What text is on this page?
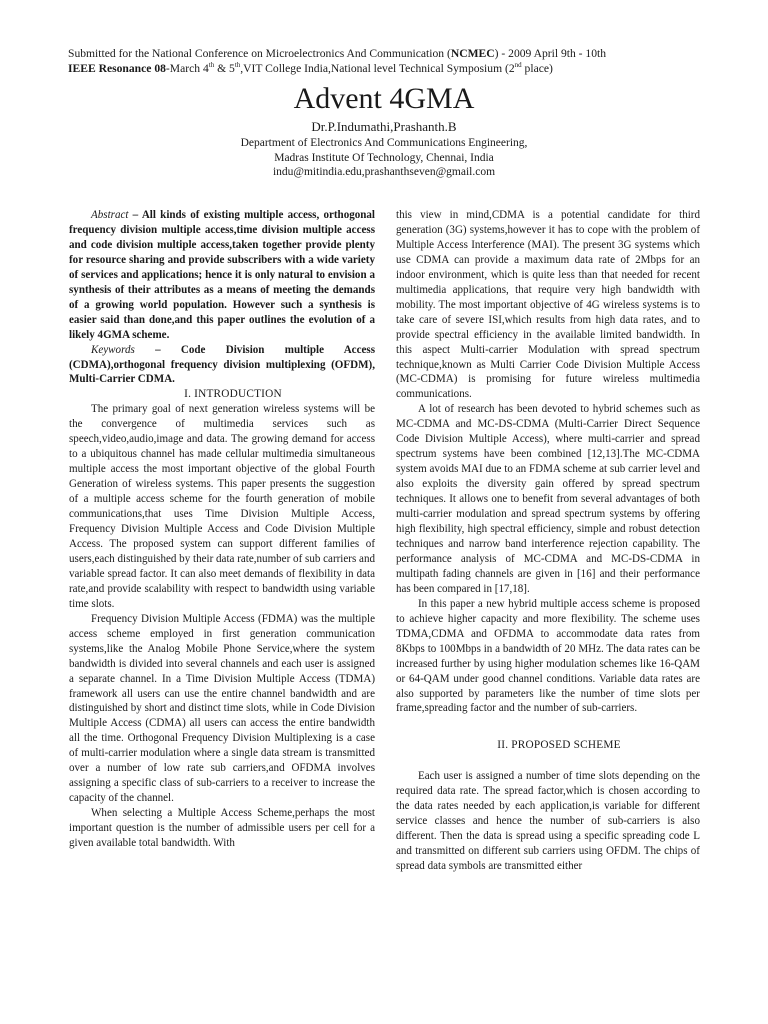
Submitted for the National Conference on Microelectronics And Communication (NCMEC) - 2009 April 9th - 10th
IEEE Resonance 08-March 4th & 5th,VIT College India,National level Technical Symposium (2nd place)
Advent 4GMA
Dr.P.Indumathi,Prashanth.B
Department of Electronics And Communications Engineering,
Madras Institute Of Technology, Chennai, India
indu@mitindia.edu,prashanthseven@gmail.com

Abstract – All kinds of existing multiple access, orthogonal frequency division multiple access,time division multiple access and code division multiple access,taken together provide plenty for resource sharing and provide subscribers with a wide variety of services and applications; hence it is only natural to envision a synthesis of their attributes as a means of meeting the demands of a growing world population. However such a synthesis is easier said than done,and this paper outlines the evolution of a likely 4GMA scheme.

Keywords – Code Division multiple Access (CDMA),orthogonal frequency division multiplexing (OFDM), Multi-Carrier CDMA.

I. INTRODUCTION

The primary goal of next generation wireless systems will be the convergence of multimedia services such as speech,video,audio,image and data. The growing demand for access to a ubiquitous channel has made cellular multimedia simultaneous multiple access the most important objective of the global Fourth Generation of wireless systems. This paper presents the suggestion of a multiple access scheme for the fourth generation of mobile communications,that uses Time Division Multiple Access, Frequency Division Multiple Access and Code Division Multiple Access. The proposed system can support different families of users,each distinguished by their data rate,number of sub carriers and variable spread factor. It can also meet demands of flexibility in data rate,and provide scalability with respect to bandwidth using variable time slots.

Frequency Division Multiple Access (FDMA) was the multiple access scheme employed in first generation communication systems,like the Analog Mobile Phone Service,where the system bandwidth is divided into several channels and each user is assigned a separate channel. In a Time Division Multiple Access (TDMA) framework all users can use the entire channel bandwidth and are distinguished by short and distinct time slots, while in Code Division Multiple Access (CDMA) all users can access the entire bandwidth all the time. Orthogonal Frequency Division Multiplexing is a case of multi-carrier modulation where a single data stream is transmitted over a number of low rate sub carriers,and OFDMA involves assigning a specific class of sub-carriers to a receiver to increase the capacity of the channel.

When selecting a Multiple Access Scheme,perhaps the most important question is the number of admissible users per cell for a given available total bandwidth. With

this view in mind,CDMA is a potential candidate for third generation (3G) systems,however it has to cope with the problem of Multiple Access Interference (MAI). The present 3G systems which use CDMA can provide a maximum data rate of 2Mbps for an indoor environment, which is quite less than that needed for recent multimedia applications, that require very high bandwidth with mobility. The most important objective of 4G wireless systems is to take care of severe ISI,which results from high data rates, and to provide spectral efficiency in the available limited bandwidth. In this aspect Multi-carrier Modulation with spread spectrum technique,known as Multi Carrier Code Division Multiple Access (MC-CDMA) is promising for future wireless multimedia communications.

A lot of research has been devoted to hybrid schemes such as MC-CDMA and MC-DS-CDMA (Multi-Carrier Direct Sequence Code Division Multiple Access), where multi-carrier and spread spectrum systems have been combined [12,13].The MC-CDMA system avoids MAI due to an FDMA scheme at sub carrier level and also exploits the diversity gain offered by spread spectrum techniques. It allows one to benefit from several advantages of both multi-carrier modulation and spread spectrum systems by offering high flexibility, high spectral efficiency, simple and robust detection techniques and narrow band interference rejection capability. The performance analysis of MC-CDMA and MC-DS-CDMA in multipath fading channels are given in [16] and their performance has been compared in [17,18].

In this paper a new hybrid multiple access scheme is proposed to achieve higher capacity and more flexibility. The scheme uses TDMA,CDMA and OFDMA to accommodate data rates from 8Kbps to 100Mbps in a bandwidth of 20 MHz. The data rates can be increased further by using higher modulation schemes like 16-QAM or 64-QAM under good channel conditions. Variable data rates are also supported by parameters like the number of time slots per frame,spreading factor and the number of sub-carriers.

II. PROPOSED SCHEME

Each user is assigned a number of time slots depending on the required data rate. The spread factor,which is chosen according to the data rates needed by each application,is variable for different service classes and hence the number of sub-carriers is also different. Then the data is spread using a specific spreading code L and transmitted on different sub carriers using OFDM. The chips of spread data symbols are transmitted either
